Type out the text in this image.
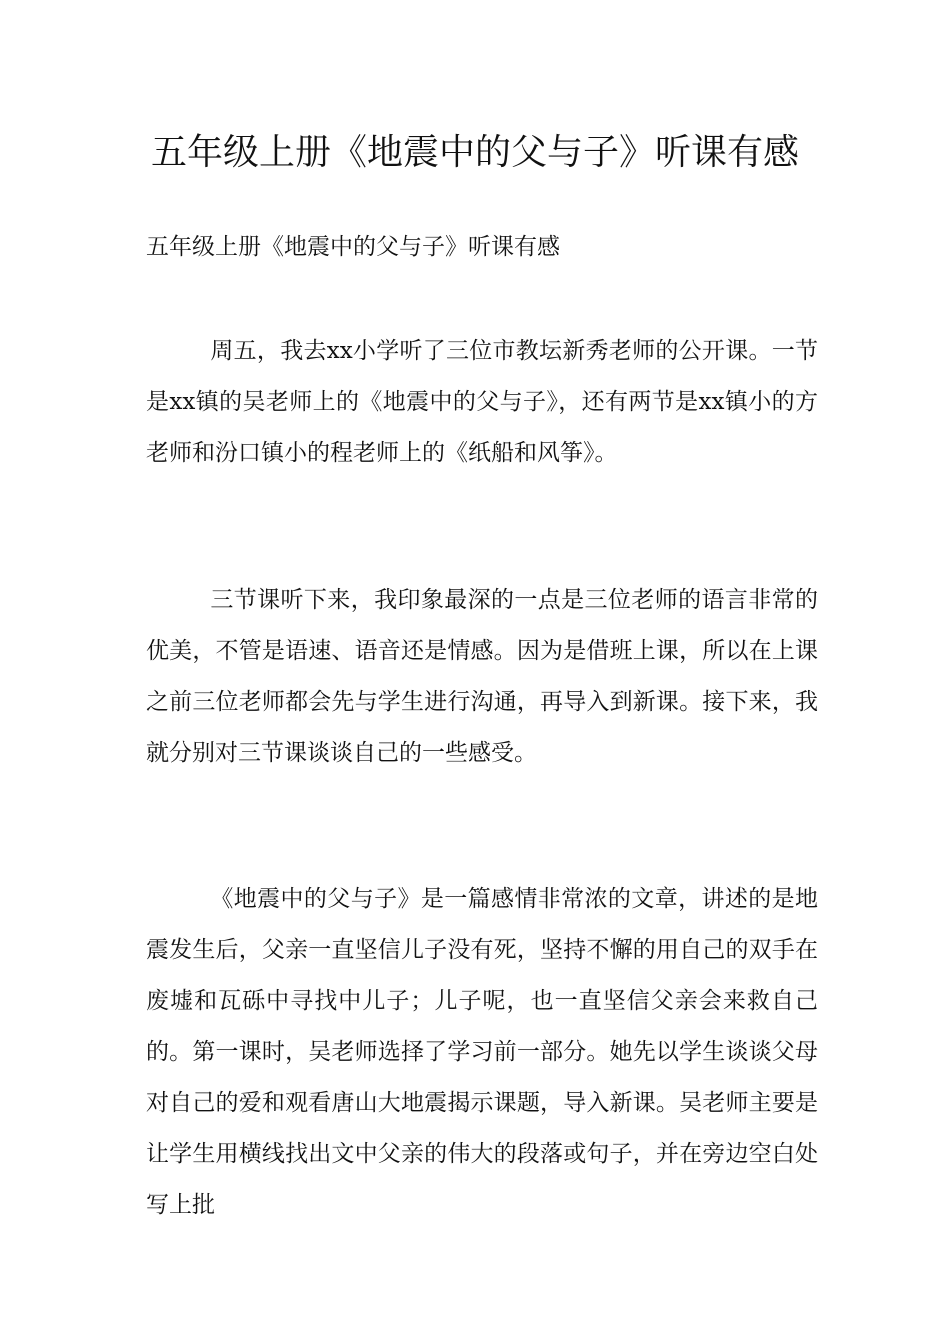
五年级上册《地震中的父与子》听课有感

五年级上册《地震中的父与子》听课有感

周五，我去xx小学听了三位市教坛新秀老师的公开课。一节是xx镇的吴老师上的《地震中的父与子》，还有两节是xx镇小的方老师和汾口镇小的程老师上的《纸船和风筝》。

三节课听下来，我印象最深的一点是三位老师的语言非常的优美，不管是语速、语音还是情感。因为是借班上课，所以在上课之前三位老师都会先与学生进行沟通，再导入到新课。接下来，我就分别对三节课谈谈自己的一些感受。

《地震中的父与子》是一篇感情非常浓的文章，讲述的是地震发生后，父亲一直坚信儿子没有死，坚持不懈的用自己的双手在废墟和瓦砾中寻找中儿子；儿子呢，也一直坚信父亲会来救自己的。第一课时，吴老师选择了学习前一部分。她先以学生谈谈父母对自己的爱和观看唐山大地震揭示课题，导入新课。吴老师主要是让学生用横线找出文中父亲的伟大的段落或句子，并在旁边空白处写上批
